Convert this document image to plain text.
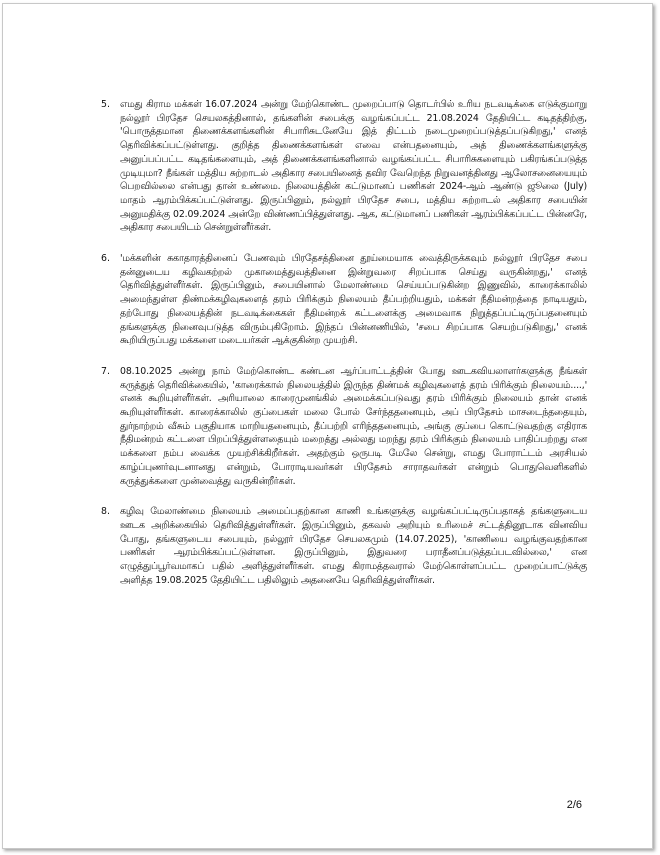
5. எமது கிராம மக்கள் 16.07.2024 அன்று மேற்கொண்ட முறைப்பாடு தொடர்பில் உரிய நடவடிக்கை எடுக்குமாறு நல்லூர் பிரதேச செயலகத்தினால், தங்களின் சபைக்கு வழங்கப்பட்ட 21.08.2024 தேதியிட்ட கடிதத்திற்கு, 'பொருத்தமான திணைக்களங்களின் சிபாரிசுடனேயே இத் திட்டம் நடைமுறைப்படுத்தப்படுகிறது,' எனத் தெரிவிக்கப்பட்டுள்ளது. குறித்த திணைக்களங்கள் எவை என்பதனையும், அத் திணைக்களங்களுக்கு அனுப்பப்பட்ட கடிதங்களையும், அத் திணைக்களங்களினால் வழங்கப்பட்ட சிபாரிசுகளையும் பகிரங்கப்படுத்த முடியுமா? நீங்கள் மத்திய சுற்றாடல் அதிகார சபையினைத் தவிர வேறெந்த நிறுவனத்தினது ஆலோசனையையும் பெறவில்லை என்பது தான் உண்மை. நிலையத்தின் கட்டுமானப் பணிகள் 2024-ஆம் ஆண்டு ஜூலை (July) மாதம் ஆரம்பிக்கப்பட்டுள்ளது. இருப்பினும், நல்லூர் பிரதேச சபை, மத்திய சுற்றாடல் அதிகார சபையின் அனுமதிக்கு 02.09.2024 அன்றே விண்ணப்பித்துள்ளது. ஆக, கட்டுமானப் பணிகள் ஆரம்பிக்கப்பட்ட பின்னரே, அதிகார சபையிடம் சென்றுள்ளீர்கள்.

6. 'மக்களின் சுகாதாரத்தினைப் பேணவும் பிரதேசத்தினை தூய்மையாக வைத்திருக்கவும் நல்லூர் பிரதேச சபை தன்னுடைய கழிவகற்றல் முகாமைத்துவத்தினை இன்றுவரை சிறப்பாக செய்து வருகின்றது,' எனத் தெரிவித்துள்ளீர்கள். இருப்பினும், சபையினால் மேலாண்மை செய்யப்படுகின்ற இணுவில், காரைக்காலில் அமைந்துள்ள திண்மக்கழிவுகளைத் தரம் பிரிக்கும் நிலையம் தீப்பற்றியதும், மக்கள் நீதிமன்றத்தை நாடியதும், தற்போது நிலையத்தின் நடவடிக்கைகள் நீதிமன்றக் கட்டளைக்கு அமைவாக நிறுத்தப்பட்டிருப்பதனையும் தங்களுக்கு நினைவுபடுத்த விரும்புகிறோம். இந்தப் பின்னணியில், 'சபை சிறப்பாக செயற்படுகிறது,' எனக் கூறியிருப்பது மக்களை மடையர்கள் ஆக்குகின்ற முயற்சி.

7. 08.10.2025 அன்று நாம் மேற்கொண்ட கண்டன ஆர்ப்பாட்டத்தின் போது ஊடகவியலாளர்களுக்கு நீங்கள் கருத்துத் தெரிவிக்கையில், 'காரைக்கால் நிலையத்தில் இருந்த திண்மக் கழிவுகளைத் தரம் பிரிக்கும் நிலையம்....,' எனக் கூறியுள்ளீர்கள். அரியாலை காரைமுனங்கில் அமைக்கப்படுவது தரம் பிரிக்கும் நிலையம் தான் எனக் கூறியுள்ளீர்கள். காரைக்காலில் குப்பைகள் மலை போல் சேர்ந்ததனையும், அப் பிரதேசம் மாசடைந்ததையும், துர்நாற்றம் வீசும் பகுதியாக மாறியதனையும், தீப்பற்றி எரிந்ததனையும், அங்கு குப்பை கொட்டுவதற்கு எதிராக நீதிமன்றம் கட்டளை பிறப்பித்துள்ளதையும் மறைத்து அல்லது மறந்து தரம் பிரிக்கும் நிலையம் பாதிப்பற்றது என மக்களை நம்ப வைக்க முயற்சிக்கிறீர்கள். அதற்கும் ஒருபடி மேலே சென்று, எமது போராட்டம் அரசியல் காழ்ப்புணர்வுடனானது என்றும், போராடியவர்கள் பிரதேசம் சாராதவர்கள் என்றும் பொதுவெளிகளில் கருத்துக்களை முன்வைத்து வருகின்றீர்கள்.

8. கழிவு மேலாண்மை நிலையம் அமைப்பதற்கான காணி உங்களுக்கு வழங்கப்பட்டிருப்பதாகத் தங்களுடைய ஊடக அறிக்கையில் தெரிவித்துள்ளீர்கள். இருப்பினும், தகவல் அறியும் உரிமைச் சட்டத்தினூடாக வினவிய போது, தங்களுடைய சபையும், நல்லூர் பிரதேச செயலகமும் (14.07.2025), 'காணியை வழங்குவதற்கான பணிகள் ஆரம்பிக்கப்பட்டுள்ளன. இருப்பினும், இதுவரை பராதீனப்படுத்தப்படவில்லை,' என எழுத்துப்பூர்வமாகப் பதில் அளித்துள்ளீர்கள். எமது கிராமத்தவரால் மேற்கொள்ளப்பட்ட முறைப்பாட்டுக்கு அளித்த 19.08.2025 தேதியிட்ட பதிலிலும் அதனையே தெரிவித்துள்ளீர்கள்.

2/6
